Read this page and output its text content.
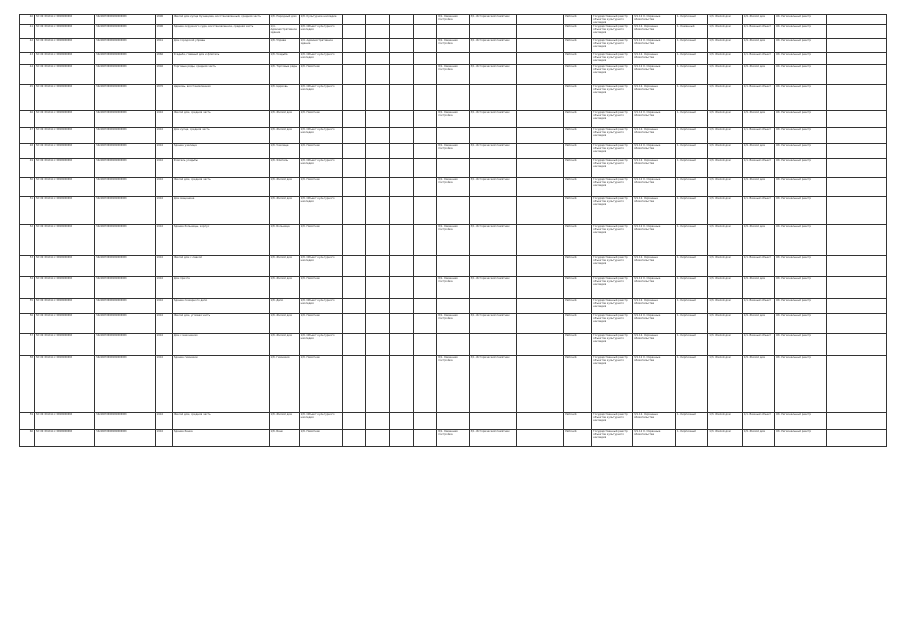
40	50:06:0010111:30000000000	502400700000000000000	1890	Жилой дом купца Кузнецова, восстановленный, средняя часть	1/8. Народный дом	1/8. Культурное наследие					8/1. Каменная постройка	3/1. Исторический памятник		Рабочий	Государственный реестр объектов культурного наследия	3/1.12 0. Охранные обязательства	1. Кирпичный	1/3. Жилой дом	1/9. Жилой дом	Об. Региональный реестр	
41	50:06:0010111:30000000000	502400700000000000000	1890	Здание окружного суда, восстановленное, средняя часть	1/4. Административное здание	1/8. Объект культурного наследия								Рабочий	Государственный реестр объектов культурного наследия	3/1.12. Охранные обязательства	1. Каменный	1/3. Жилой дом	1/1. Важный объект	Об. Региональный реестр	
42	50:06:0010111:30000000000	502400700000000000000	1841	Дом городской управы	1/8. Управа	1/9. Административное здание					8/1. Каменная постройка	3/1. Исторический памятник		Рабочий	Государственный реестр объектов культурного наследия	3/1.12 0. Охранные обязательства	1. Кирпичный	1/3. Жилой дом	1/9. Жилой дом	Об. Региональный реестр	
43	50:06:0010111:30000000000	502400700000000000000	1860	Усадьба, главный дом и флигель	1/8. Усадьба	1/8. Объект культурного наследия								Рабочий	Государственный реестр объектов культурного наследия	3/1.12. Охранные обязательства	1. Кирпичный	1/3. Жилой дом	1/1. Важный объект	Об. Региональный реестр	
44	50:06:0010111:30000000000	502400700000000000000	1840	Торговые ряды, средняя часть	1/8. Торговые ряды	1/8. Памятник					8/1. Каменная постройка	3/1. Исторический памятник		Рабочий	Государственный реестр объектов культурного наследия	3/1.12 0. Охранные обязательства	1. Кирпичный	1/3. Жилой дом	1/9. Жилой дом	Об. Региональный реестр	
45	50:06:0010111:30000000000	502400700000000000000	1870	Церковь, восстановленная	1/8. Церковь	1/8. Объект культурного наследия								Рабочий	Государственный реестр объектов культурного наследия	3/1.12. Охранные обязательства	1. Кирпичный	1/3. Жилой дом	1/1. Важный объект	Об. Региональный реестр	
46	50:06:0010111:30000000000	502400700000000000000	1910	Жилой дом, средняя часть	1/8. Жилой дом	1/8. Памятник					8/1. Каменная постройка	3/1. Исторический памятник		Рабочий	Государственный реестр объектов культурного наследия	3/1.12 0. Охранные обязательства	1. Кирпичный	1/3. Жилой дом	1/9. Жилой дом	Об. Региональный реестр	
47	50:06:0010111:30000000000	502400700000000000000	1910	Дом купца, средняя часть	1/8. Жилой дом	1/8. Объект культурного наследия								Рабочий	Государственный реестр объектов культурного наследия	3/1.12. Охранные обязательства	1. Кирпичный	1/3. Жилой дом	1/1. Важный объект	Об. Региональный реестр	
48	50:06:0010111:30000000000	502400700000000000000	1910	Здание училища	1/8. Училище	1/8. Памятник					8/1. Каменная постройка	3/1. Исторический памятник		Рабочий	Государственный реестр объектов культурного наследия	3/1.12 0. Охранные обязательства	1. Кирпичный	1/3. Жилой дом	1/9. Жилой дом	Об. Региональный реестр	
49	50:06:0010111:30000000000	502400700000000000000	1910	Флигель усадьбы	1/8. Флигель	1/8. Объект культурного наследия								Рабочий	Государственный реестр объектов культурного наследия	3/1.12. Охранные обязательства	1. Кирпичный	1/3. Жилой дом	1/1. Важный объект	Об. Региональный реестр	
50	50:06:0010111:30000000000	502400700000000000000	1910	Жилой дом, средняя часть	1/8. Жилой дом	1/8. Памятник					8/1. Каменная постройка	3/1. Исторический памятник		Рабочий	Государственный реестр объектов культурного наследия	3/1.12 0. Охранные обязательства	1. Кирпичный	1/3. Жилой дом	1/9. Жилой дом	Об. Региональный реестр	
51	50:06:0010111:30000000000	502400700000000000000	1910	Дом мещанина	1/8. Жилой дом	1/8. Объект культурного наследия								Рабочий	Государственный реестр объектов культурного наследия	3/1.12. Охранные обязательства	1. Кирпичный	1/3. Жилой дом	1/1. Важный объект	Об. Региональный реестр	
52	50:06:0010111:30000000000	502400700000000000000	1910	Здание больницы, корпус	1/8. Больница	1/8. Памятник					8/1. Каменная постройка	3/1. Исторический памятник		Рабочий	Государственный реестр объектов культурного наследия	3/1.12 0. Охранные обязательства	1. Кирпичный	1/3. Жилой дом	1/9. Жилой дом	Об. Региональный реестр	
53	50:06:0010111:30000000000	502400700000000000000	1910	Жилой дом с лавкой	1/8. Жилой дом	1/8. Объект культурного наследия								Рабочий	Государственный реестр объектов культурного наследия	3/1.12. Охранные обязательства	1. Кирпичный	1/3. Жилой дом	1/1. Важный объект	Об. Региональный реестр	
54	50:06:0010111:30000000000	502400700000000000000	1910	Дом причта	1/8. Жилой дом	1/8. Памятник					8/1. Каменная постройка	3/1. Исторический памятник		Рабочий	Государственный реестр объектов культурного наследия	3/1.12 0. Охранные обязательства	1. Кирпичный	1/3. Жилой дом	1/9. Жилой дом	Об. Региональный реестр	
55	50:06:0010111:30000000000	502400700000000000000	1910	Здание пожарного депо	1/8. Депо	1/8. Объект культурного наследия								Рабочий	Государственный реестр объектов культурного наследия	3/1.12. Охранные обязательства	1. Кирпичный	1/3. Жилой дом	1/1. Важный объект	Об. Региональный реестр	
56	50:06:0010111:30000000000	502400700000000000000	1910	Жилой дом, угловая часть	1/8. Жилой дом	1/8. Памятник					8/1. Каменная постройка	3/1. Исторический памятник		Рабочий	Государственный реестр объектов культурного наследия	3/1.12 0. Охранные обязательства	1. Кирпичный	1/3. Жилой дом	1/9. Жилой дом	Об. Региональный реестр	
57	50:06:0010111:30000000000	502400700000000000000	1910	Дом с мезонином	1/8. Жилой дом	1/8. Объект культурного наследия								Рабочий	Государственный реестр объектов культурного наследия	3/1.12. Охранные обязательства	1. Кирпичный	1/3. Жилой дом	1/1. Важный объект	Об. Региональный реестр	
58	50:06:0010111:30000000000	502400700000000000000	1910	Здание гимназии	1/8. Гимназия	1/8. Памятник					8/1. Каменная постройка	3/1. Исторический памятник		Рабочий	Государственный реестр объектов культурного наследия	3/1.12 0. Охранные обязательства	1. Кирпичный	1/3. Жилой дом	1/9. Жилой дом	Об. Региональный реестр	
59	50:06:0010111:30000000000	502400700000000000000	1910	Жилой дом, средняя часть	1/8. Жилой дом	1/8. Объект культурного наследия								Рабочий	Государственный реестр объектов культурного наследия	3/1.12. Охранные обязательства	1. Кирпичный	1/3. Жилой дом	1/1. Важный объект	Об. Региональный реестр	
60	50:06:0010111:30000000000	502400700000000000000	1910	Здание банка	1/8. Банк	1/8. Памятник					8/1. Каменная постройка	3/1. Исторический памятник		Рабочий	Государственный реестр объектов культурного наследия	3/1.12 0. Охранные обязательства	1. Кирпичный	1/3. Жилой дом	1/9. Жилой дом	Об. Региональный реестр	
